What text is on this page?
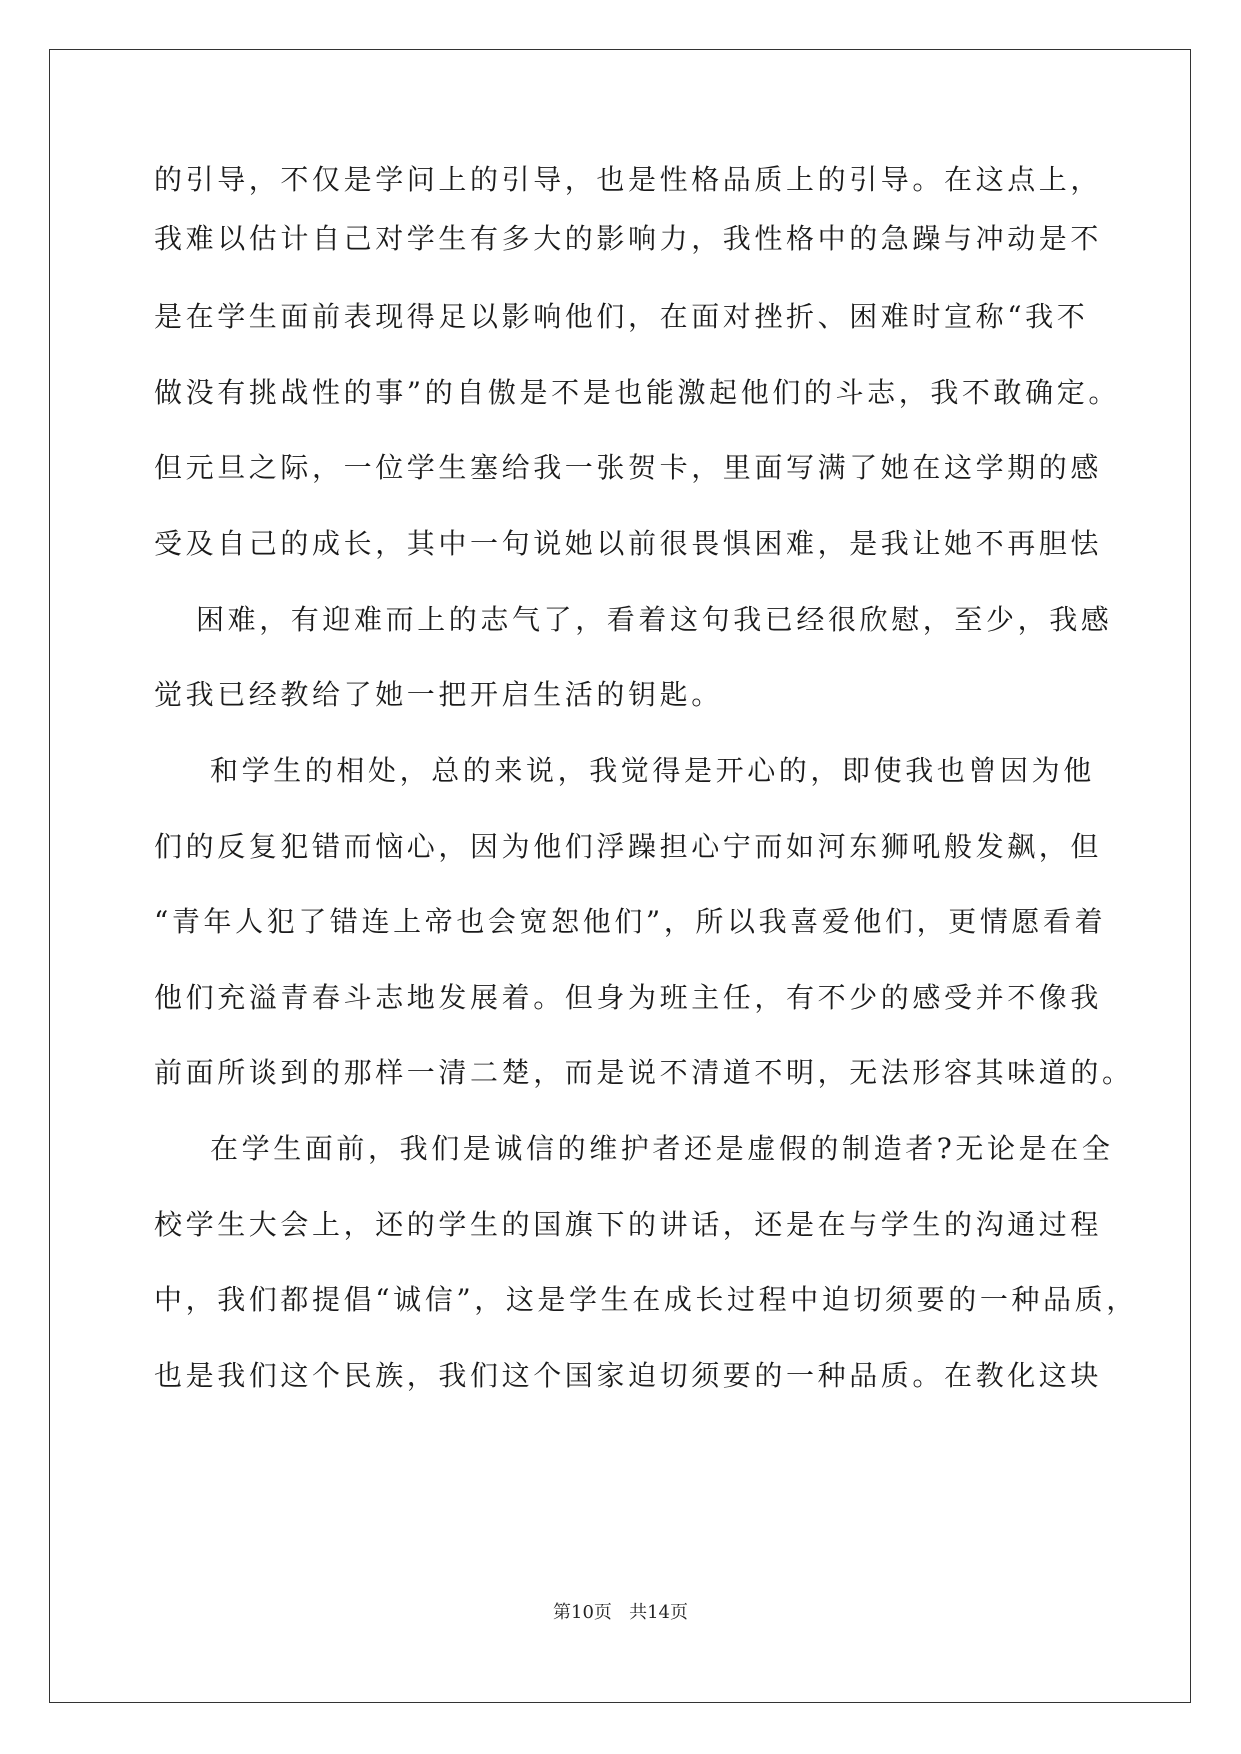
的引导，不仅是学问上的引导，也是性格品质上的引导。在这点上，
我难以估计自己对学生有多大的影响力，我性格中的急躁与冲动是不
是在学生面前表现得足以影响他们，在面对挫折、困难时宣称“我不
做没有挑战性的事”的自傲是不是也能激起他们的斗志，我不敢确定。
但元旦之际，一位学生塞给我一张贺卡，里面写满了她在这学期的感
受及自己的成长，其中一句说她以前很畏惧困难，是我让她不再胆怯
困难，有迎难而上的志气了，看着这句我已经很欣慰，至少，我感
觉我已经教给了她一把开启生活的钥匙。
和学生的相处，总的来说，我觉得是开心的，即使我也曾因为他
们的反复犯错而恼心，因为他们浮躁担心宁而如河东狮吼般发飙，但
“青年人犯了错连上帝也会宽恕他们”，所以我喜爱他们，更情愿看着
他们充溢青春斗志地发展着。但身为班主任，有不少的感受并不像我
前面所谈到的那样一清二楚，而是说不清道不明，无法形容其味道的。
在学生面前，我们是诚信的维护者还是虚假的制造者?无论是在全
校学生大会上，还的学生的国旗下的讲话，还是在与学生的沟通过程
中，我们都提倡“诚信”，这是学生在成长过程中迫切须要的一种品质，
也是我们这个民族，我们这个国家迫切须要的一种品质。在教化这块
第10页   共14页
